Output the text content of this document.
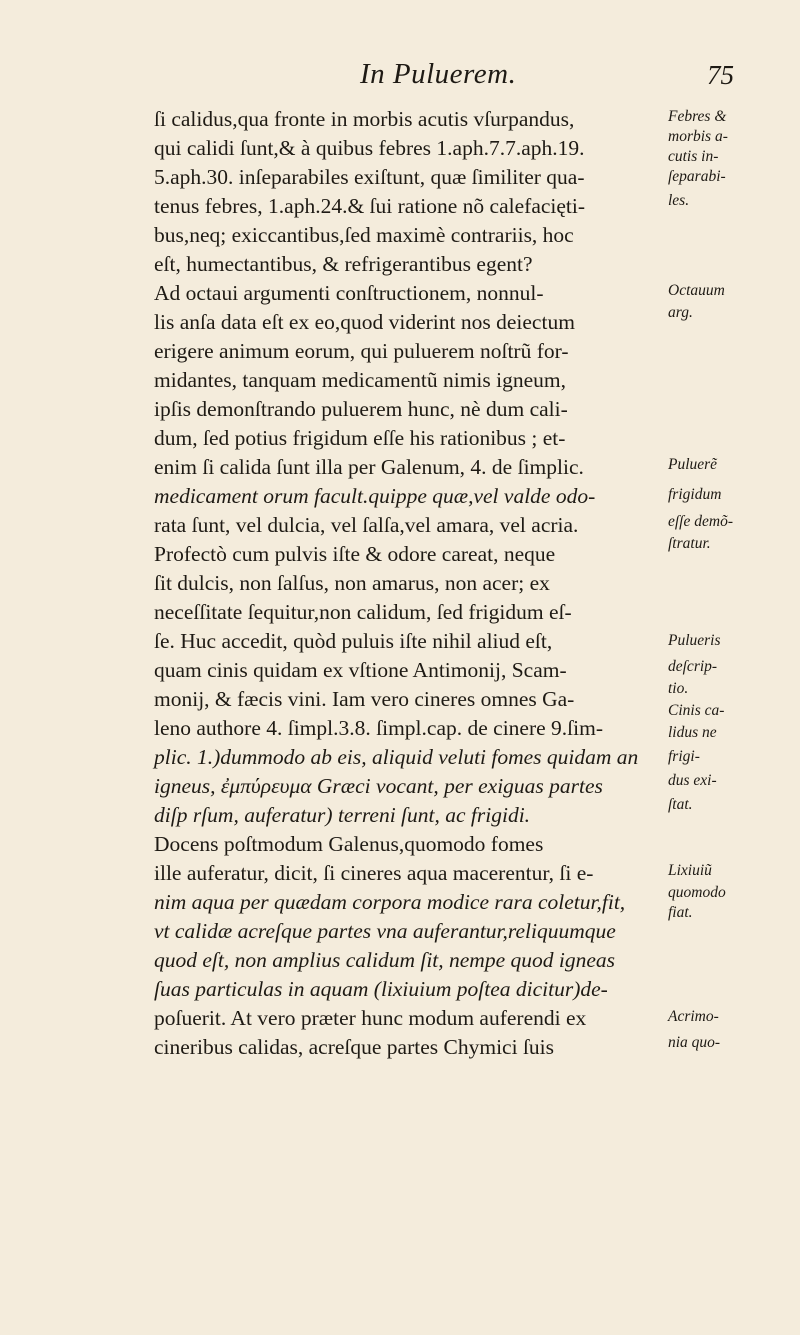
In Puluerem.	75
ſi calidus,qua fronte in morbis acutis vſurpandus,
qui calidi ſunt,& à quibus febres 1.aph.7.7.aph.19.
5.aph.30. inſeparabiles exiſtunt, quæ ſimiliter qua-
tenus febres, 1.aph.24.& ſui ratione nõ calefacięti-
bus,neq; exiccantibus,ſed maximè contrariis, hoc
eſt, humectantibus, & refrigerantibus egent?
Ad octaui argumenti conſtructionem, nonnul-
lis anſa data eſt ex eo,quod viderint nos deiectum
erigere animum eorum, qui puluerem noſtrũ for-
midantes, tanquam medicamentũ nimis igneum,
ipſis demonſtrando puluerem hunc, nè dum cali-
dum, ſed potius frigidum eſſe his rationibus ; et-
enim ſi calida ſunt illa per Galenum, 4. de ſimplic.
medicament orum facult.quippe quæ,vel valde odo-
rata ſunt, vel dulcia, vel ſalſa,vel amara, vel acria.
Profectò cum pulvis iſte & odore careat, neque
ſit dulcis, non ſalſus, non amarus, non acer; ex
neceſſitate ſequitur,non calidum, ſed frigidum eſ-
ſe. Huc accedit, quòd puluis iſte nihil aliud eſt,
quam cinis quidam ex vſtione Antimonij, Scam-
monij, & fæcis vini. Iam vero cineres omnes Ga-
leno authore 4. ſimpl.3.8. ſimpl.cap. de cinere 9.ſim-
plic. 1.)dummodo ab eis, aliquid veluti fomes quidam an
igneus, ἐμπύρευμα Græci vocant, per exiguas partes
diſp rſum, auferatur) terreni ſunt, ac frigidi.
Docens poſtmodum Galenus,quomodo fomes
ille auferatur, dicit, ſi cineres aqua macerentur, ſi e-
nim aqua per quædam corpora modice rara coletur,fit,
vt calidæ acreſque partes vna auferantur,reliquumque
quod eſt, non amplius calidum ſit, nempe quod igneas
ſuas particulas in aquam (lixiuium poſtea dicitur)de-
poſuerit. At vero præter hunc modum auferendi ex
cineribus calidas, acreſque partes Chymici ſuis
Febres &
morbis a-
cutis in-
ſeparabi-
les.
Octauum
arg.
Puluerẽ
frigidum
eſſe demõ-
ſtratur.
Pulueris
deſcrip-
tio.
Cinis ca-
lidus ne
frigi-
dus exi-
ſtat.
Lixiuiũ
quomodo
fiat.
Acrimo-
nia quo-
